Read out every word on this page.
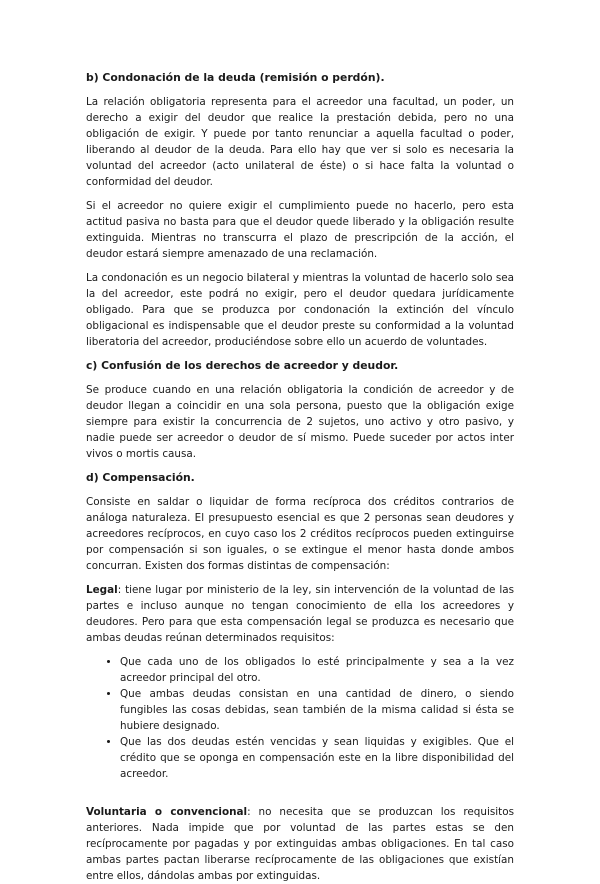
b) Condonación de la deuda (remisión o perdón).

La relación obligatoria representa para el acreedor una facultad, un poder, un derecho a exigir del deudor que realice la prestación debida, pero no una obligación de exigir. Y puede por tanto renunciar a aquella facultad o poder, liberando al deudor de la deuda. Para ello hay que ver si solo es necesaria la voluntad del acreedor (acto unilateral de éste) o si hace falta la voluntad o conformidad del deudor.

Si el acreedor no quiere exigir el cumplimiento puede no hacerlo, pero esta actitud pasiva no basta para que el deudor quede liberado y la obligación resulte extinguida. Mientras no transcurra el plazo de prescripción de la acción, el deudor estará siempre amenazado de una reclamación.

La condonación es un negocio bilateral y mientras la voluntad de hacerlo solo sea la del acreedor, este podrá no exigir, pero el deudor quedara jurídicamente obligado. Para que se produzca por condonación la extinción del vínculo obligacional es indispensable que el deudor preste su conformidad a la voluntad liberatoria del acreedor, produciéndose sobre ello un acuerdo de voluntades.

c) Confusión de los derechos de acreedor y deudor.

Se produce cuando en una relación obligatoria la condición de acreedor y de deudor llegan a coincidir en una sola persona, puesto que la obligación exige siempre para existir la concurrencia de 2 sujetos, uno activo y otro pasivo, y nadie puede ser acreedor o deudor de sí mismo. Puede suceder por actos inter vivos o mortis causa.

d) Compensación.

Consiste en saldar o liquidar de forma recíproca dos créditos contrarios de análoga naturaleza. El presupuesto esencial es que 2 personas sean deudores y acreedores recíprocos, en cuyo caso los 2 créditos recíprocos pueden extinguirse por compensación si son iguales, o se extingue el menor hasta donde ambos concurran. Existen dos formas distintas de compensación:

Legal: tiene lugar por ministerio de la ley, sin intervención de la voluntad de las partes e incluso aunque no tengan conocimiento de ella los acreedores y deudores. Pero para que esta compensación legal se produzca es necesario que ambas deudas reúnan determinados requisitos:

• Que cada uno de los obligados lo esté principalmente y sea a la vez acreedor principal del otro.
• Que ambas deudas consistan en una cantidad de dinero, o siendo fungibles las cosas debidas, sean también de la misma calidad si ésta se hubiere designado.
• Que las dos deudas estén vencidas y sean liquidas y exigibles. Que el crédito que se oponga en compensación este en la libre disponibilidad del acreedor.

Voluntaria o convencional: no necesita que se produzcan los requisitos anteriores. Nada impide que por voluntad de las partes estas se den recíprocamente por pagadas y por extinguidas ambas obligaciones. En tal caso ambas partes pactan liberarse recíprocamente de las obligaciones que existían entre ellos, dándolas ambas por extinguidas.
